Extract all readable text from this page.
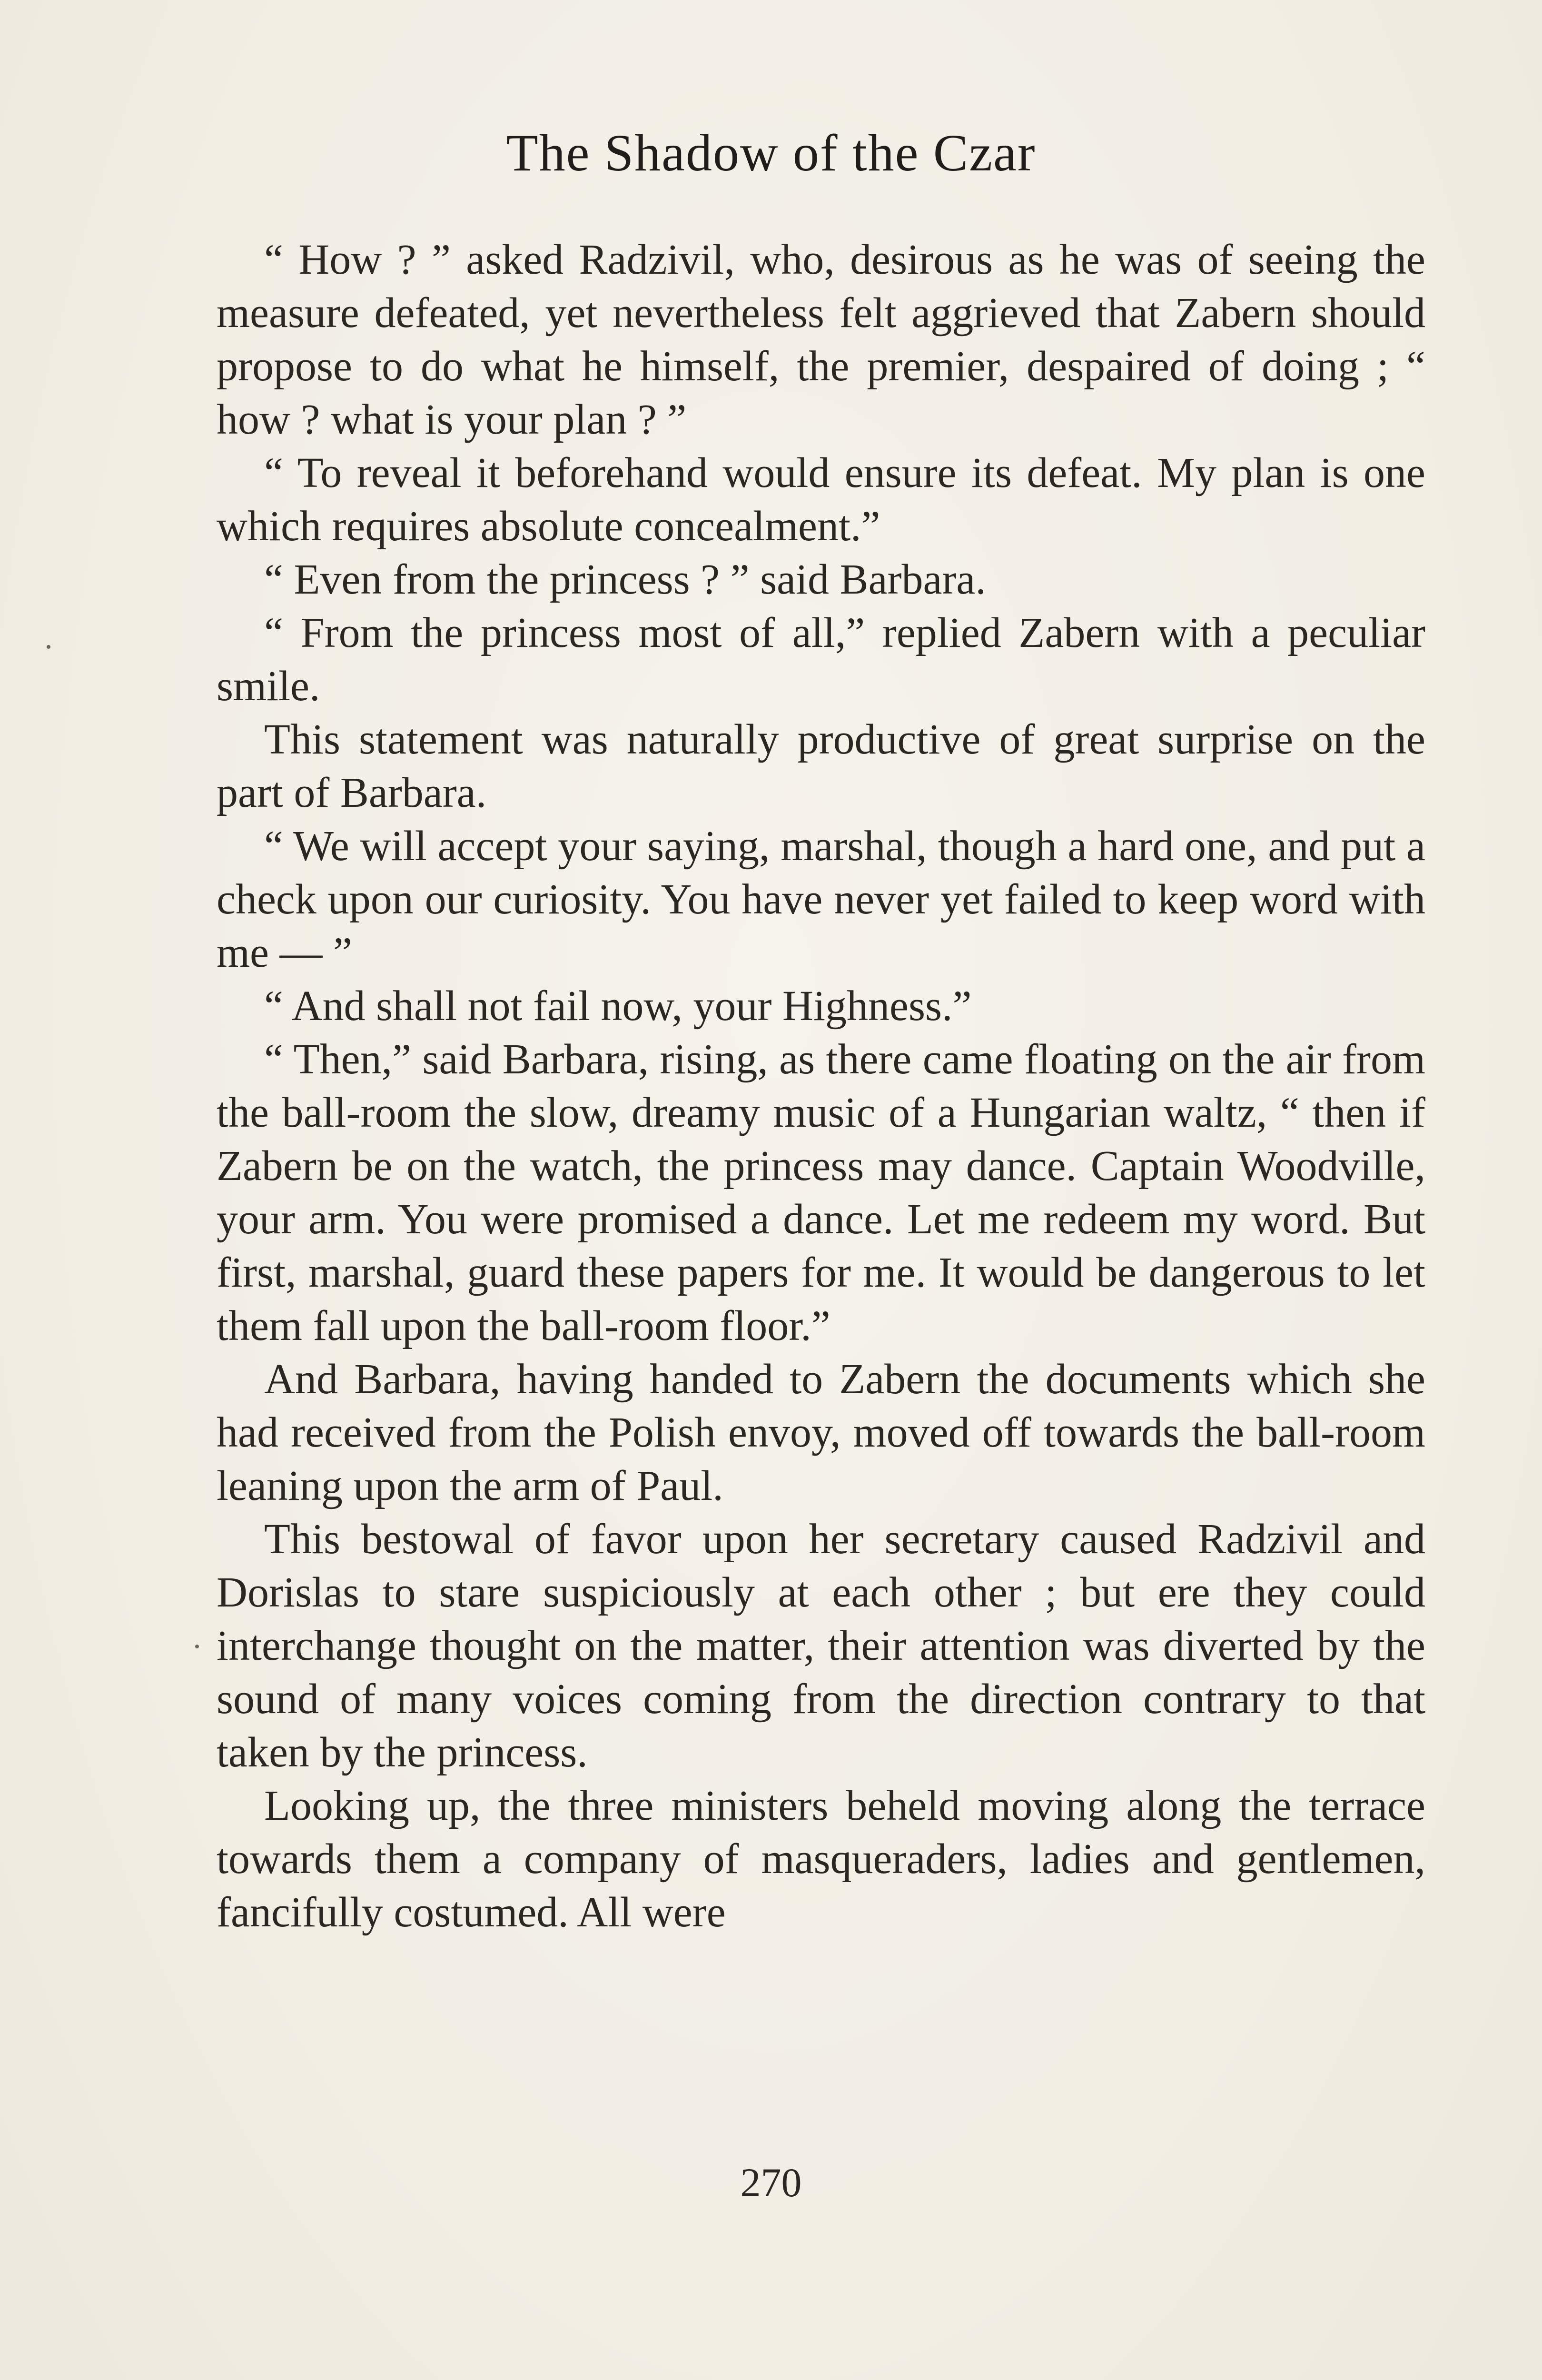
The Shadow of the Czar

“ How ? ” asked Radzivil, who, desirous as he was of seeing the measure defeated, yet nevertheless felt aggrieved that Zabern should propose to do what he himself, the premier, despaired of doing ; “ how ? what is your plan ? ”

“ To reveal it beforehand would ensure its defeat. My plan is one which requires absolute concealment.”

“ Even from the princess ? ” said Barbara.

“ From the princess most of all,” replied Zabern with a peculiar smile.

This statement was naturally productive of great surprise on the part of Barbara.

“ We will accept your saying, marshal, though a hard one, and put a check upon our curiosity. You have never yet failed to keep word with me — ”

“ And shall not fail now, your Highness.”

“ Then,” said Barbara, rising, as there came floating on the air from the ball-room the slow, dreamy music of a Hungarian waltz, “ then if Zabern be on the watch, the princess may dance. Captain Woodville, your arm. You were promised a dance. Let me redeem my word. But first, marshal, guard these papers for me. It would be dangerous to let them fall upon the ball-room floor.”

And Barbara, having handed to Zabern the documents which she had received from the Polish envoy, moved off towards the ball-room leaning upon the arm of Paul.

This bestowal of favor upon her secretary caused Radzivil and Dorislas to stare suspiciously at each other ; but ere they could interchange thought on the matter, their attention was diverted by the sound of many voices coming from the direction contrary to that taken by the princess.

Looking up, the three ministers beheld moving along the terrace towards them a company of masqueraders, ladies and gentlemen, fancifully costumed. All were

270
